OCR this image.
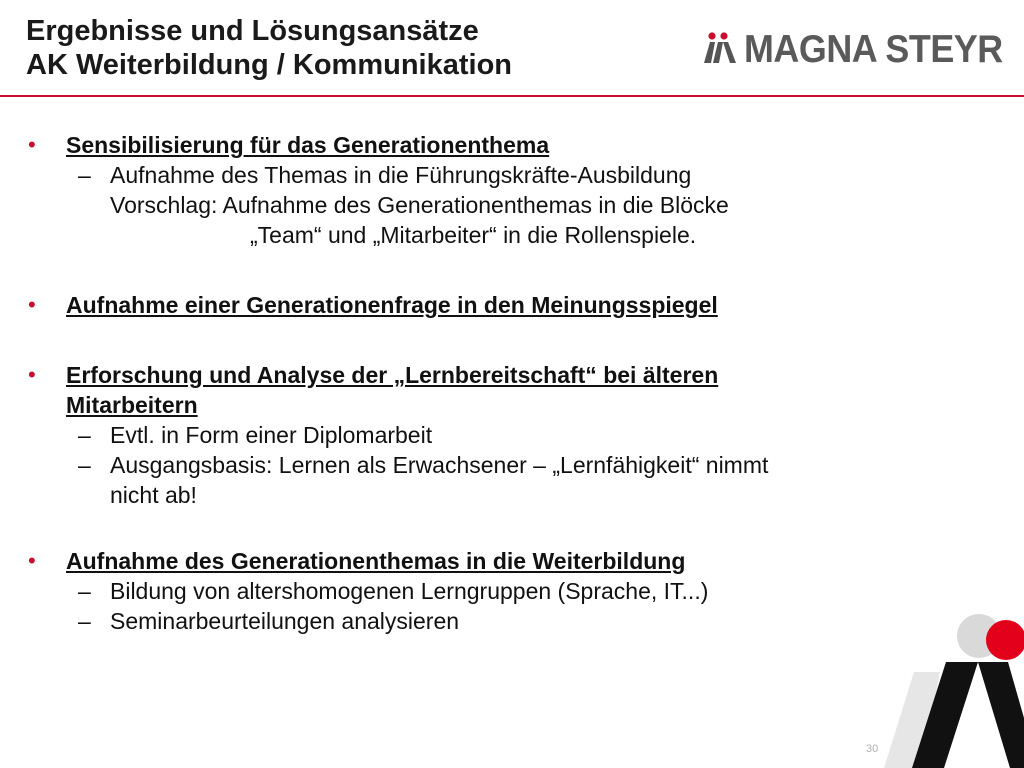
Ergebnisse und Lösungsansätze
AK Weiterbildung / Kommunikation	MAGNA STEYR
• Sensibilisierung für das Generationenthema
– Aufnahme des Themas in die Führungskräfte-Ausbildung
Vorschlag: Aufnahme des Generationenthemas in die Blöcke
„Team“ und „Mitarbeiter“ in die Rollenspiele.
• Aufnahme einer Generationenfrage in den Meinungsspiegel
• Erforschung und Analyse der „Lernbereitschaft“ bei älteren
Mitarbeitern
– Evtl. in Form einer Diplomarbeit
– Ausgangsbasis: Lernen als Erwachsener – „Lernfähigkeit“ nimmt
nicht ab!
• Aufnahme des Generationenthemas in die Weiterbildung
– Bildung von altershomogenen Lerngruppen (Sprache, IT...)
– Seminarbeurteilungen analysieren
30
